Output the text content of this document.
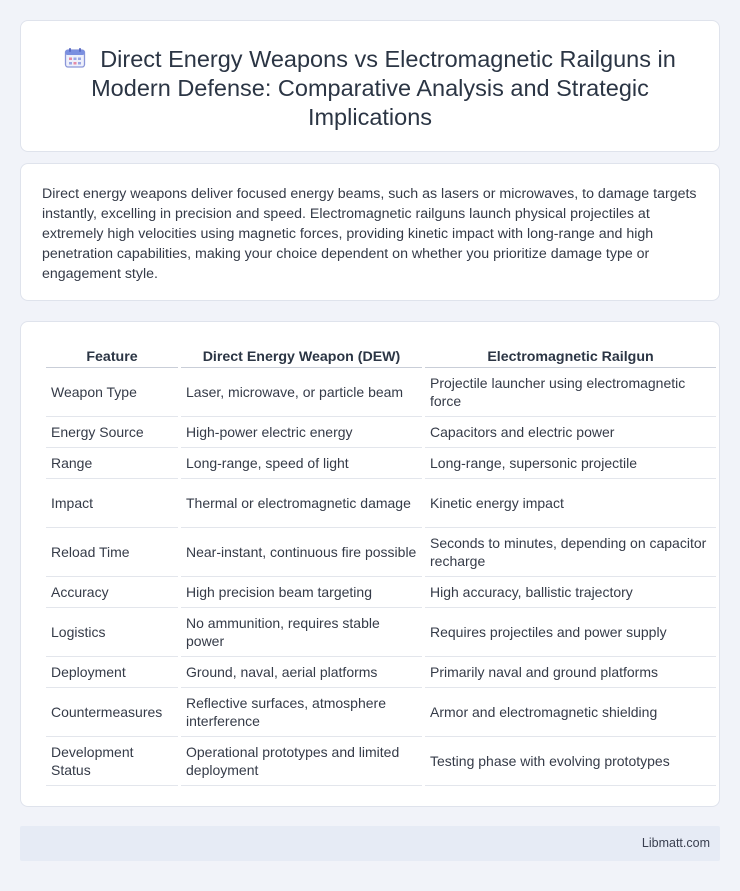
Direct Energy Weapons vs Electromagnetic Railguns in Modern Defense: Comparative Analysis and Strategic Implications

Direct energy weapons deliver focused energy beams, such as lasers or microwaves, to damage targets instantly, excelling in precision and speed. Electromagnetic railguns launch physical projectiles at extremely high velocities using magnetic forces, providing kinetic impact with long-range and high penetration capabilities, making your choice dependent on whether you prioritize damage type or engagement style.

Feature	Direct Energy Weapon (DEW)	Electromagnetic Railgun
Weapon Type	Laser, microwave, or particle beam	Projectile launcher using electromagnetic force
Energy Source	High-power electric energy	Capacitors and electric power
Range	Long-range, speed of light	Long-range, supersonic projectile
Impact	Thermal or electromagnetic damage	Kinetic energy impact
Reload Time	Near-instant, continuous fire possible	Seconds to minutes, depending on capacitor recharge
Accuracy	High precision beam targeting	High accuracy, ballistic trajectory
Logistics	No ammunition, requires stable power	Requires projectiles and power supply
Deployment	Ground, naval, aerial platforms	Primarily naval and ground platforms
Countermeasures	Reflective surfaces, atmosphere interference	Armor and electromagnetic shielding
Development Status	Operational prototypes and limited deployment	Testing phase with evolving prototypes
Libmatt.com
